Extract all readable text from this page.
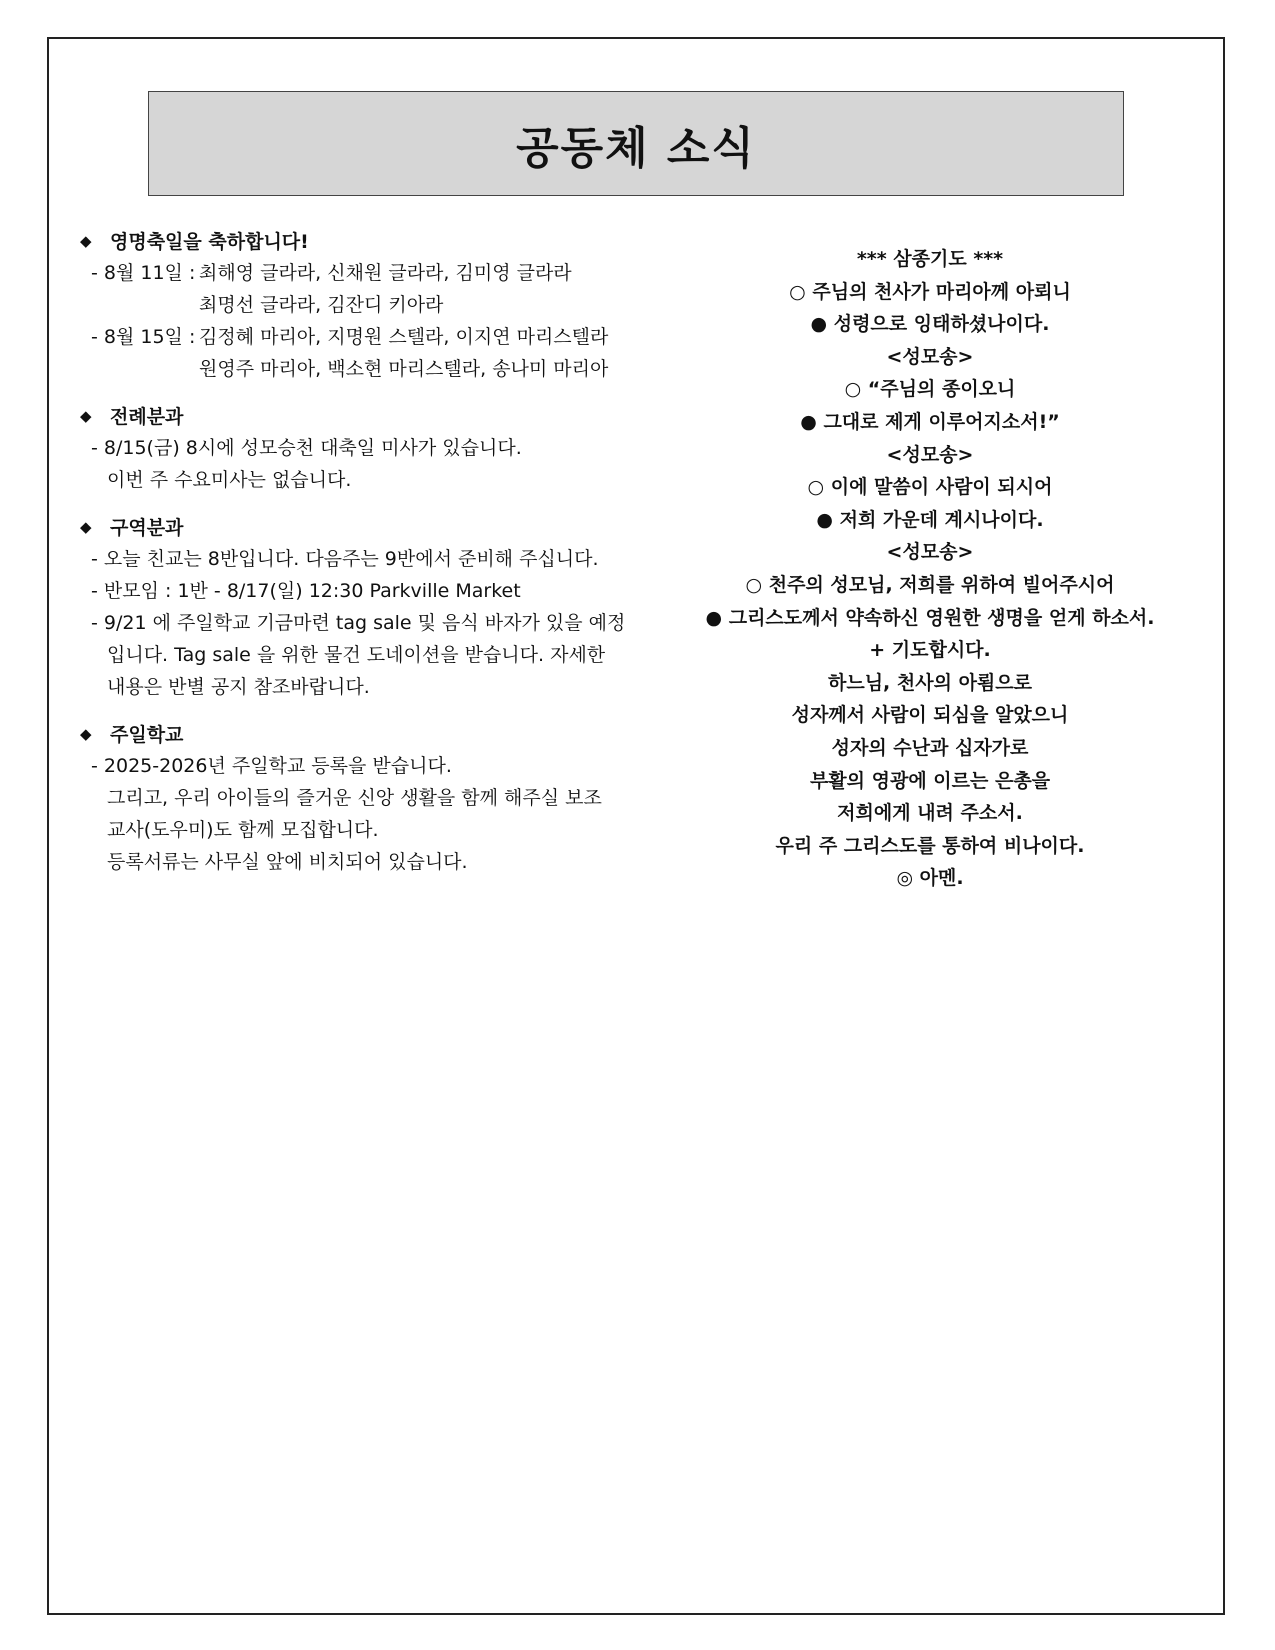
공동체 소식
◆ 영명축일을 축하합니다!
- 8월 11일 : 최해영 글라라, 신채원 글라라, 김미영 글라라
최명선 글라라, 김잔디 키아라
- 8월 15일 : 김정혜 마리아, 지명원 스텔라, 이지연 마리스텔라
원영주 마리아, 백소현 마리스텔라, 송나미 마리아
◆ 전례분과
- 8/15(금) 8시에 성모승천 대축일 미사가 있습니다.
이번 주 수요미사는 없습니다.
◆ 구역분과
- 오늘 친교는 8반입니다. 다음주는 9반에서 준비해 주십니다.
- 반모임 : 1반 - 8/17(일) 12:30 Parkville Market
- 9/21 에 주일학교 기금마련 tag sale 및 음식 바자가 있을 예정
입니다. Tag sale 을 위한 물건 도네이션을 받습니다. 자세한
내용은 반별 공지 참조바랍니다.
◆ 주일학교
- 2025-2026년 주일학교 등록을 받습니다.
그리고, 우리 아이들의 즐거운 신앙 생활을 함께 해주실 보조
교사(도우미)도 함께 모집합니다.
등록서류는 사무실 앞에 비치되어 있습니다.
*** 삼종기도 ***
○ 주님의 천사가 마리아께 아뢰니
● 성령으로 잉태하셨나이다.
<성모송>
○ “주님의 종이오니
● 그대로 제게 이루어지소서!”
<성모송>
○ 이에 말씀이 사람이 되시어
● 저희 가운데 계시나이다.
<성모송>
○ 천주의 성모님, 저희를 위하여 빌어주시어
● 그리스도께서 약속하신 영원한 생명을 얻게 하소서.
+ 기도합시다.
하느님, 천사의 아룀으로
성자께서 사람이 되심을 알았으니
성자의 수난과 십자가로
부활의 영광에 이르는 은총을
저희에게 내려 주소서.
우리 주 그리스도를 통하여 비나이다.
◎ 아멘.
